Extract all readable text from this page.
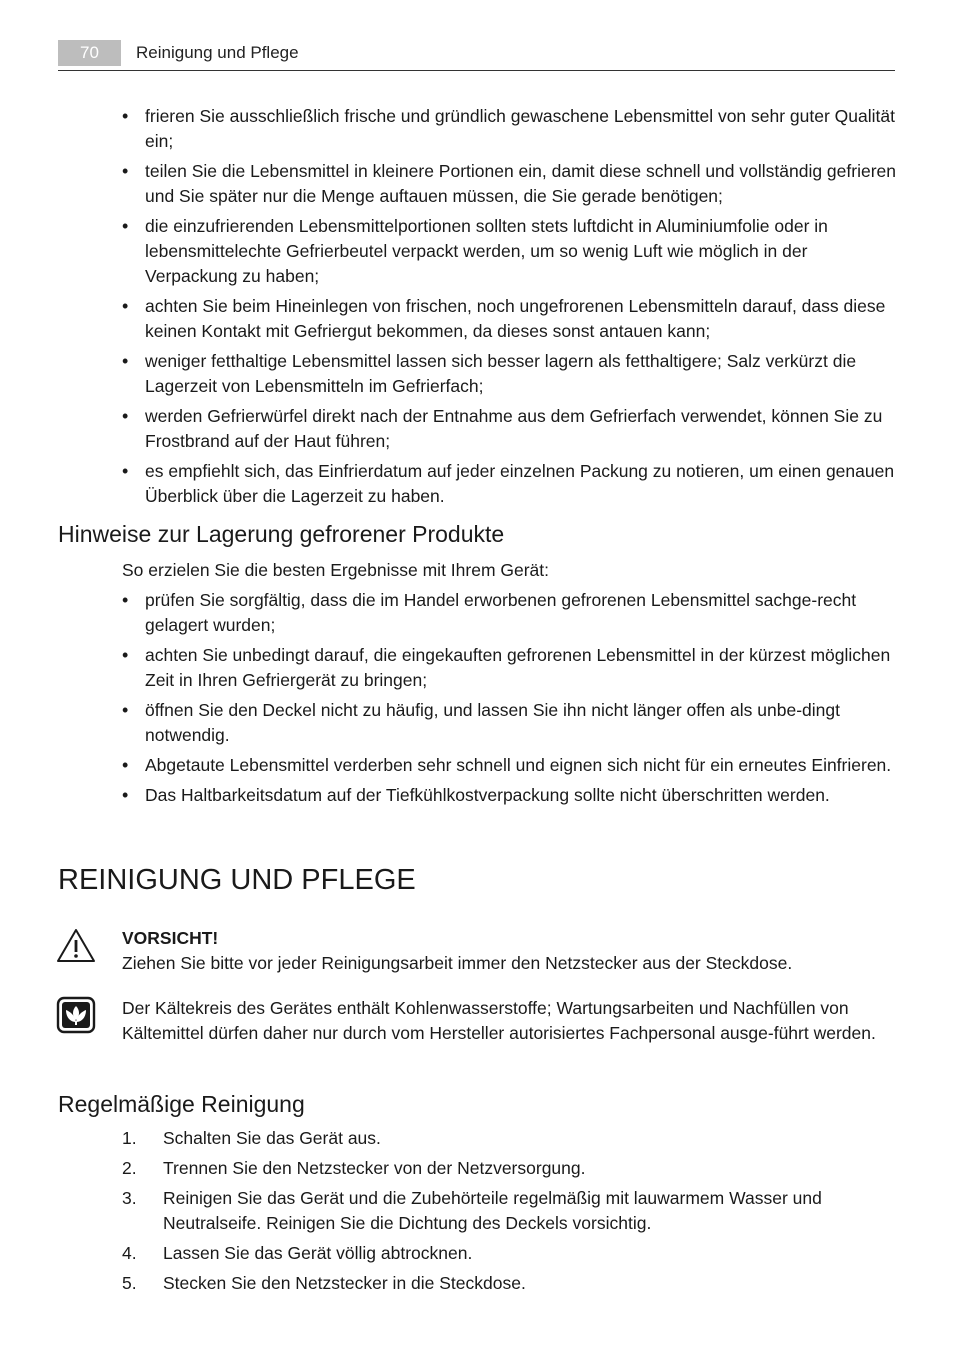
70	Reinigung und Pflege
• frieren Sie ausschließlich frische und gründlich gewaschene Lebensmittel von sehr guter Qualität ein;
• teilen Sie die Lebensmittel in kleinere Portionen ein, damit diese schnell und vollständig gefrieren und Sie später nur die Menge auftauen müssen, die Sie gerade benötigen;
• die einzufrierenden Lebensmittelportionen sollten stets luftdicht in Aluminiumfolie oder in lebensmittelechte Gefrierbeutel verpackt werden, um so wenig Luft wie möglich in der Verpackung zu haben;
• achten Sie beim Hineinlegen von frischen, noch ungefrorenen Lebensmitteln darauf, dass diese keinen Kontakt mit Gefriergut bekommen, da dieses sonst antauen kann;
• weniger fetthaltige Lebensmittel lassen sich besser lagern als fetthaltigere; Salz verkürzt die Lagerzeit von Lebensmitteln im Gefrierfach;
• werden Gefrierwürfel direkt nach der Entnahme aus dem Gefrierfach verwendet, können Sie zu Frostbrand auf der Haut führen;
• es empfiehlt sich, das Einfrierdatum auf jeder einzelnen Packung zu notieren, um einen genauen Überblick über die Lagerzeit zu haben.
Hinweise zur Lagerung gefrorener Produkte
So erzielen Sie die besten Ergebnisse mit Ihrem Gerät:
• prüfen Sie sorgfältig, dass die im Handel erworbenen gefrorenen Lebensmittel sachge-recht gelagert wurden;
• achten Sie unbedingt darauf, die eingekauften gefrorenen Lebensmittel in der kürzest möglichen Zeit in Ihren Gefriergerät zu bringen;
• öffnen Sie den Deckel nicht zu häufig, und lassen Sie ihn nicht länger offen als unbe-dingt notwendig.
• Abgetaute Lebensmittel verderben sehr schnell und eignen sich nicht für ein erneutes Einfrieren.
• Das Haltbarkeitsdatum auf der Tiefkühlkostverpackung sollte nicht überschritten werden.
REINIGUNG UND PFLEGE
VORSICHT!
Ziehen Sie bitte vor jeder Reinigungsarbeit immer den Netzstecker aus der Steckdose.
Der Kältekreis des Gerätes enthält Kohlenwasserstoffe; Wartungsarbeiten und Nachfüllen von Kältemittel dürfen daher nur durch vom Hersteller autorisiertes Fachpersonal ausge-führt werden.
Regelmäßige Reinigung
1. Schalten Sie das Gerät aus.
2. Trennen Sie den Netzstecker von der Netzversorgung.
3. Reinigen Sie das Gerät und die Zubehörteile regelmäßig mit lauwarmem Wasser und Neutralseife. Reinigen Sie die Dichtung des Deckels vorsichtig.
4. Lassen Sie das Gerät völlig abtrocknen.
5. Stecken Sie den Netzstecker in die Steckdose.
